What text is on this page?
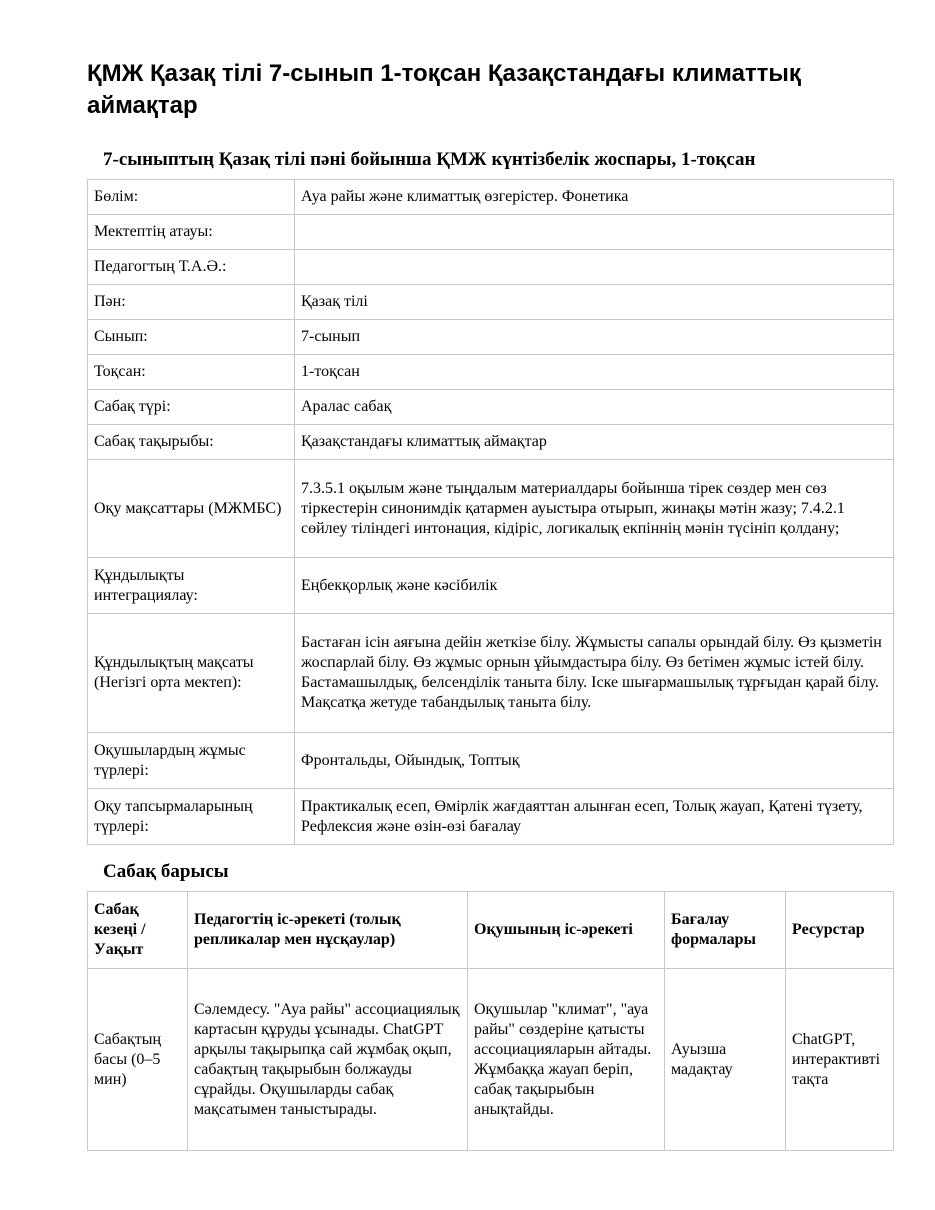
ҚМЖ Қазақ тілі 7-сынып 1-тоқсан Қазақстандағы климаттық аймақтар
7-сыныптың Қазақ тілі пәні бойынша ҚМЖ күнтізбелік жоспары, 1-тоқсан
Бөлім:	Ауа райы және климаттық өзгерістер. Фонетика
Мектептің атауы:	
Педагогтың Т.А.Ә.:	
Пән:	Қазақ тілі
Сынып:	7-сынып
Тоқсан:	1-тоқсан
Сабақ түрі:	Аралас сабақ
Сабақ тақырыбы:	Қазақстандағы климаттық аймақтар
Оқу мақсаттары (МЖМБС)	7.3.5.1 оқылым және тыңдалым материалдары бойынша тірек сөздер мен сөз тіркестерін синонимдік қатармен ауыстыра отырып, жинақы мәтін жазу; 7.4.2.1 сөйлеу тіліндегі интонация, кідіріс, логикалық екпіннің мәнін түсініп қолдану;
Құндылықты интеграциялау:	Еңбекқорлық және кәсібилік
Құндылықтың мақсаты (Негізгі орта мектеп):	Бастаған ісін аяғына дейін жеткізе білу. Жұмысты сапалы орындай білу. Өз қызметін жоспарлай білу. Өз жұмыс орнын ұйымдастыра білу. Өз бетімен жұмыс істей білу. Бастамашылдық, белсенділік таныта білу. Іске шығармашылық тұрғыдан қарай білу. Мақсатқа жетуде табандылық таныта білу.
Оқушылардың жұмыс түрлері:	Фронтальды, Ойындық, Топтық
Оқу тапсырмаларының түрлері:	Практикалық есеп, Өмірлік жағдаяттан алынған есеп, Толық жауап, Қатені түзету, Рефлексия және өзін-өзі бағалау
Сабақ барысы
Сабақ кезеңі / Уақыт	Педагогтің іс-әрекеті (толық репликалар мен нұсқаулар)	Оқушының іс-әрекеті	Бағалау формалары	Ресурстар
Сабақтың басы (0–5 мин)	Сәлемдесу. "Ауа райы" ассоциациялық картасын құруды ұсынады. ChatGPT арқылы тақырыпқа сай жұмбақ оқып, сабақтың тақырыбын болжауды сұрайды. Оқушыларды сабақ мақсатымен таныстырады.	Оқушылар "климат", "ауа райы" сөздеріне қатысты ассоциацияларын айтады. Жұмбаққа жауап беріп, сабақ тақырыбын анықтайды.	Ауызша мадақтау	ChatGPT, интерактивті тақта
